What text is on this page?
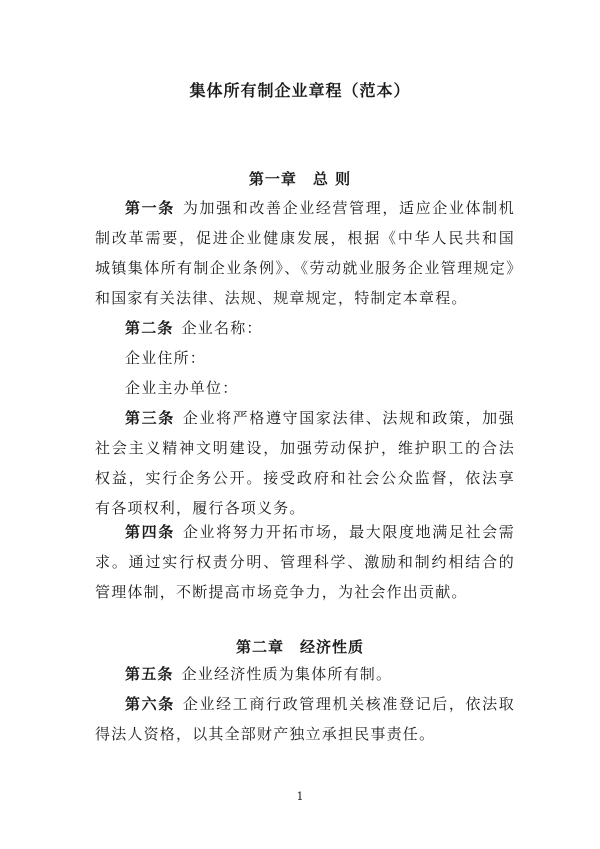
集体所有制企业章程（范本）
第一章　总 则

第一条 为加强和改善企业经营管理，适应企业体制机制改革需要，促进企业健康发展，根据《中华人民共和国城镇集体所有制企业条例》、《劳动就业服务企业管理规定》和国家有关法律、法规、规章规定，特制定本章程。

第二条 企业名称：

企业住所：

企业主办单位：

第三条 企业将严格遵守国家法律、法规和政策，加强社会主义精神文明建设，加强劳动保护，维护职工的合法权益，实行企务公开。接受政府和社会公众监督，依法享有各项权利，履行各项义务。

第四条 企业将努力开拓市场，最大限度地满足社会需求。通过实行权责分明、管理科学、激励和制约相结合的管理体制，不断提高市场竞争力，为社会作出贡献。

第二章　经济性质

第五条 企业经济性质为集体所有制。

第六条 企业经工商行政管理机关核准登记后，依法取得法人资格，以其全部财产独立承担民事责任。

1
